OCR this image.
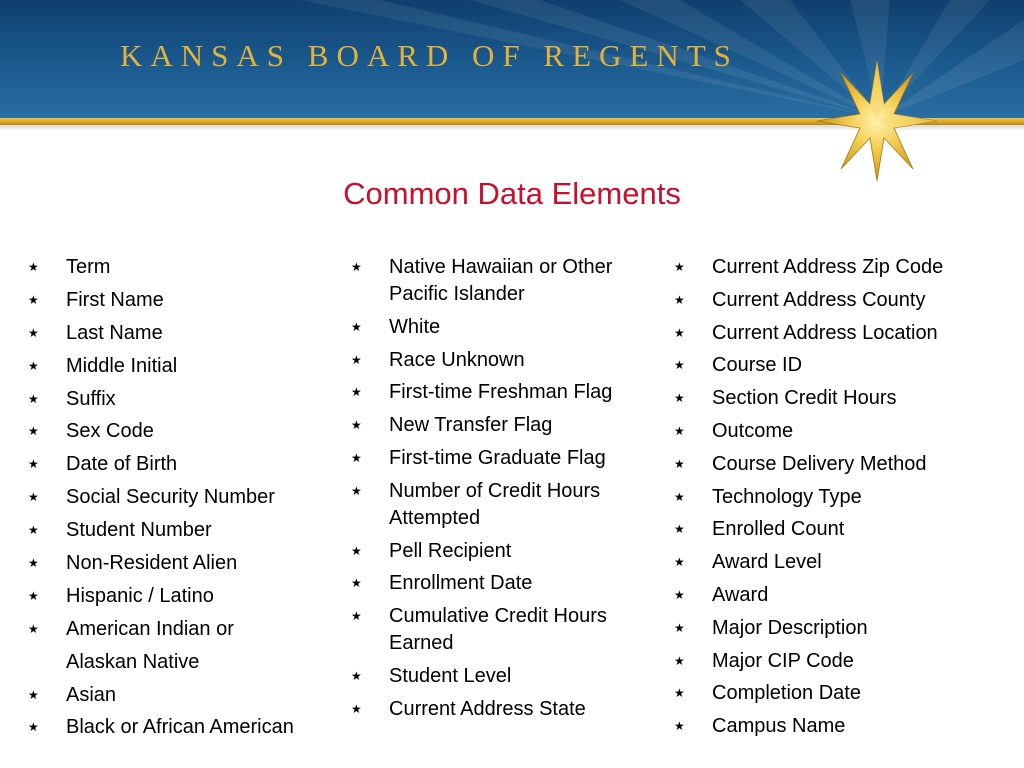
KANSAS BOARD OF REGENTS
Common Data Elements
★ Term
★ First Name
★ Last Name
★ Middle Initial
★ Suffix
★ Sex Code
★ Date of Birth
★ Social Security Number
★ Student Number
★ Non-Resident Alien
★ Hispanic / Latino
★ American Indian or
Alaskan Native
★ Asian
★ Black or African American
★ Native Hawaiian or Other Pacific Islander
★ White
★ Race Unknown
★ First-time Freshman Flag
★ New Transfer Flag
★ First-time Graduate Flag
★ Number of Credit Hours Attempted
★ Pell Recipient
★ Enrollment Date
★ Cumulative Credit Hours Earned
★ Student Level
★ Current Address State
★ Current Address Zip Code
★ Current Address County
★ Current Address Location
★ Course ID
★ Section Credit Hours
★ Outcome
★ Course Delivery Method
★ Technology Type
★ Enrolled Count
★ Award Level
★ Award
★ Major Description
★ Major CIP Code
★ Completion Date
★ Campus Name
